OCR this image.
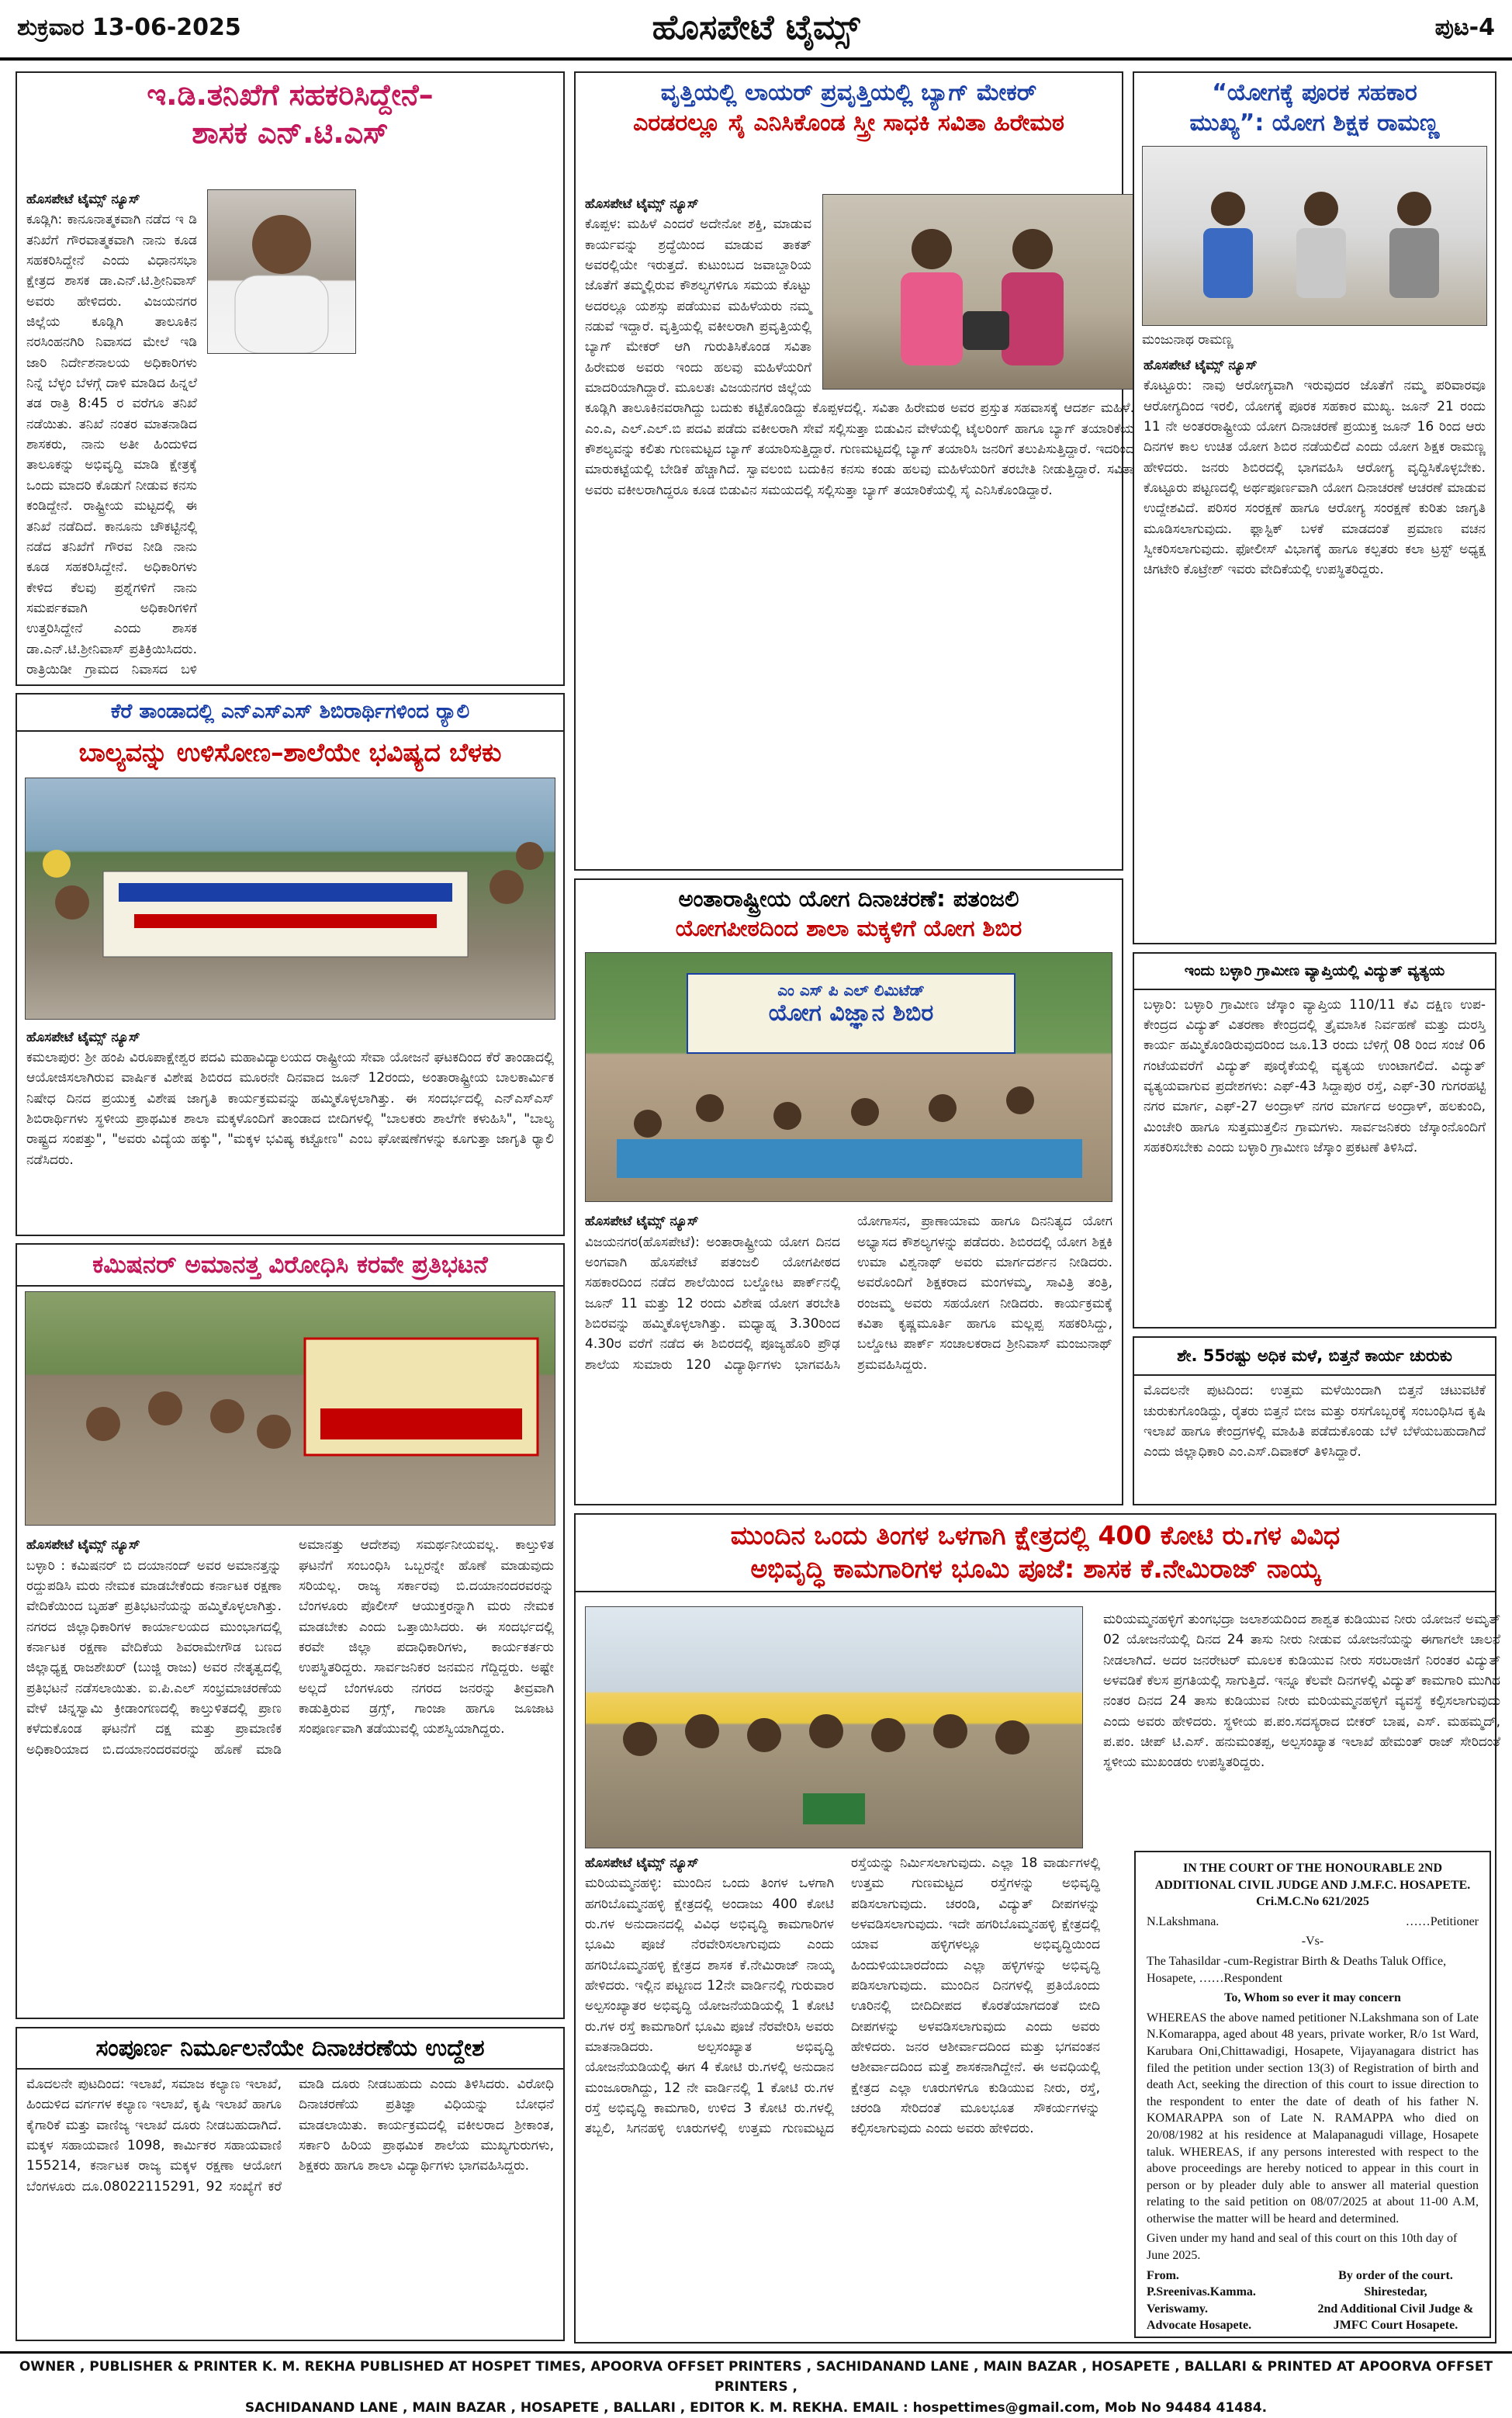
ಶುಕ್ರವಾರ 13-06-2025	ಹೊಸಪೇಟೆ ಟೈಮ್ಸ್	ಪುಟ-4
ಇ.ಡಿ.ತನಿಖೆಗೆ ಸಹಕರಿಸಿದ್ದೇನೆ–
ಶಾಸಕ ಎನ್.ಟಿ.ಎಸ್
ಹೊಸಪೇಟೆ ಟೈಮ್ಸ್ ನ್ಯೂಸ್
ಕೂಡ್ಲಿಗಿ: ಕಾನೂನಾತ್ಮಕವಾಗಿ ನಡೆದ ಇ ಡಿ ತನಿಖೆಗೆ ಗೌರವಾತ್ಮಕವಾಗಿ ನಾನು ಕೂಡ ಸಹಕರಿಸಿದ್ದೇನೆ ಎಂದು ವಿಧಾನಸಭಾ ಕ್ಷೇತ್ರದ ಶಾಸಕ ಡಾ.ಎನ್.ಟಿ.ಶ್ರೀನಿವಾಸ್ ಅವರು ಹೇಳಿದರು. ವಿಜಯನಗರ ಜಿಲ್ಲೆಯ ಕೂಡ್ಲಿಗಿ ತಾಲೂಕಿನ ನರಸಿಂಹನಗಿರಿ ನಿವಾಸದ ಮೇಲೆ ಇಡಿ ಜಾರಿ ನಿರ್ದೇಶನಾಲಯ ಅಧಿಕಾರಿಗಳು ನಿನ್ನೆ ಬೆಳ್ಳಂ ಬೆಳಗ್ಗೆ ದಾಳಿ ಮಾಡಿದ ಹಿನ್ನಲೆ ತಡ ರಾತ್ರಿ 8:45 ರ ವರೆಗೂ ತನಿಖೆ ನಡೆಯಿತು. ತನಿಖೆ ನಂತರ ಮಾತನಾಡಿದ ಶಾಸಕರು, ನಾನು ಅತೀ ಹಿಂದುಳಿದ ತಾಲೂಕನ್ನು ಅಭಿವೃದ್ಧಿ ಮಾಡಿ ಕ್ಷೇತ್ರಕ್ಕೆ ಒಂದು ಮಾದರಿ ಕೊಡುಗೆ ನೀಡುವ ಕನಸು ಕಂಡಿದ್ದೇನೆ. ರಾಷ್ಟ್ರೀಯ ಮಟ್ಟದಲ್ಲಿ ಈ ತನಿಖೆ ನಡೆದಿದೆ. ಕಾನೂನು ಚೌಕಟ್ಟಿನಲ್ಲಿ ನಡೆದ ತನಿಖೆಗೆ ಗೌರವ ನೀಡಿ ನಾನು ಕೂಡ ಸಹಕರಿಸಿದ್ದೇನೆ. ಅಧಿಕಾರಿಗಳು ಕೇಳಿದ ಕೆಲವು ಪ್ರಶ್ನೆಗಳಿಗೆ ನಾನು ಸಮರ್ಪಕವಾಗಿ ಅಧಿಕಾರಿಗಳಿಗೆ ಉತ್ತರಿಸಿದ್ದೇನೆ ಎಂದು ಶಾಸಕ ಡಾ.ಎನ್.ಟಿ.ಶ್ರೀನಿವಾಸ್ ಪ್ರತಿಕ್ರಿಯಿಸಿದರು. ರಾತ್ರಿಯಿಡೀ ಗ್ರಾಮದ ನಿವಾಸದ ಬಳಿ
ಕೆರೆ ತಾಂಡಾದಲ್ಲಿ ಎನ್‌ಎಸ್‌ಎಸ್ ಶಿಬಿರಾರ್ಥಿಗಳಿಂದ ರ್‍ಯಾಲಿ
ಬಾಲ್ಯವನ್ನು ಉಳಿಸೋಣ–ಶಾಲೆಯೇ ಭವಿಷ್ಯದ ಬೆಳಕು
ಹೊಸಪೇಟೆ ಟೈಮ್ಸ್ ನ್ಯೂಸ್
ಕಮಲಾಪುರ: ಶ್ರೀ ಹಂಪಿ ವಿರೂಪಾಕ್ಷೇಶ್ವರ ಪದವಿ ಮಹಾವಿದ್ಯಾಲಯದ ರಾಷ್ಟ್ರೀಯ ಸೇವಾ ಯೋಜನೆ ಘಟಕದಿಂದ ಕೆರೆ ತಾಂಡಾದಲ್ಲಿ ಆಯೋಜಿಸಲಾಗಿರುವ ವಾರ್ಷಿಕ ವಿಶೇಷ ಶಿಬಿರದ ಮೂರನೇ ದಿನವಾದ ಜೂನ್ 12ರಂದು, ಅಂತಾರಾಷ್ಟ್ರೀಯ ಬಾಲಕಾರ್ಮಿಕ ನಿಷೇಧ ದಿನದ ಪ್ರಯುಕ್ತ ವಿಶೇಷ ಜಾಗೃತಿ ಕಾರ್ಯಕ್ರಮವನ್ನು ಹಮ್ಮಿಕೊಳ್ಳಲಾಗಿತ್ತು. ಈ ಸಂದರ್ಭದಲ್ಲಿ ಎನ್‌ಎಸ್‌ಎಸ್ ಶಿಬಿರಾರ್ಥಿಗಳು ಸ್ಥಳೀಯ ಪ್ರಾಥಮಿಕ ಶಾಲಾ ಮಕ್ಕಳೊಂದಿಗೆ ತಾಂಡಾದ ಬೀದಿಗಳಲ್ಲಿ "ಬಾಲಕರು ಶಾಲೆಗೇ ಕಳುಹಿಸಿ", "ಬಾಲ್ಯ ರಾಷ್ಟ್ರದ ಸಂಪತ್ತು", "ಅವರು ವಿದ್ಯೆಯ ಹಕ್ಕು", "ಮಕ್ಕಳ ಭವಿಷ್ಯ ಕಟ್ಟೋಣ" ಎಂಬ ಘೋಷಣೆಗಳನ್ನು ಕೂಗುತ್ತಾ ಜಾಗೃತಿ ರ್‍ಯಾಲಿ ನಡೆಸಿದರು.
ಕಮಿಷನರ್ ಅಮಾನತ್ತ ವಿರೋಧಿಸಿ ಕರವೇ ಪ್ರತಿಭಟನೆ
ಹೊಸಪೇಟೆ ಟೈಮ್ಸ್ ನ್ಯೂಸ್
ಬಳ್ಳಾರಿ : ಕಮಿಷನರ್ ಬಿ ದಯಾನಂದ್ ಅವರ ಅಮಾನತ್ತನ್ನು ರದ್ದುಪಡಿಸಿ ಮರು ನೇಮಕ ಮಾಡಬೇಕೆಂದು ಕರ್ನಾಟಕ ರಕ್ಷಣಾ ವೇದಿಕೆಯಿಂದ ಬೃಹತ್ ಪ್ರತಿಭಟನೆಯನ್ನು ಹಮ್ಮಿಕೊಳ್ಳಲಾಗಿತ್ತು. ನಗರದ ಜಿಲ್ಲಾಧಿಕಾರಿಗಳ ಕಾರ್ಯಾಲಯದ ಮುಂಭಾಗದಲ್ಲಿ ಕರ್ನಾಟಕ ರಕ್ಷಣಾ ವೇದಿಕೆಯ ಶಿವರಾಮೇಗೌಡ ಬಣದ ಜಿಲ್ಲಾಧ್ಯಕ್ಷ ರಾಜಶೇಖರ್ (ಬುಜ್ಜಿ ರಾಜು) ಅವರ ನೇತೃತ್ವದಲ್ಲಿ ಪ್ರತಿಭಟನೆ ನಡೆಸಲಾಯಿತು. ಐ.ಪಿ.ಎಲ್ ಸಂಭ್ರಮಾಚರಣೆಯ ವೇಳೆ ಚಿನ್ನಸ್ವಾಮಿ ಕ್ರೀಡಾಂಗಣದಲ್ಲಿ ಕಾಲ್ತುಳಿತದಲ್ಲಿ ಪ್ರಾಣ ಕಳೆದುಕೊಂಡ ಘಟನೆಗೆ ದಕ್ಷ ಮತ್ತು ಪ್ರಾಮಾಣಿಕ ಅಧಿಕಾರಿಯಾದ ಬಿ.ದಯಾನಂದರವರನ್ನು ಹೊಣೆ ಮಾಡಿ ಅಮಾನತ್ತು ಆದೇಶವು ಸಮರ್ಥನೀಯವಲ್ಲ. ಕಾಲ್ತುಳಿತ ಘಟನೆಗೆ ಸಂಬಂಧಿಸಿ ಒಬ್ಬರನ್ನೇ ಹೊಣೆ ಮಾಡುವುದು ಸರಿಯಲ್ಲ. ರಾಜ್ಯ ಸರ್ಕಾರವು ಬಿ.ದಯಾನಂದರವರನ್ನು ಬೆಂಗಳೂರು ಪೊಲೀಸ್ ಆಯುಕ್ತರನ್ನಾಗಿ ಮರು ನೇಮಕ ಮಾಡಬೇಕು ಎಂದು ಒತ್ತಾಯಿಸಿದರು. ಈ ಸಂದರ್ಭದಲ್ಲಿ ಕರವೇ ಜಿಲ್ಲಾ ಪದಾಧಿಕಾರಿಗಳು, ಕಾರ್ಯಕರ್ತರು ಉಪಸ್ಥಿತರಿದ್ದರು. ಸಾರ್ವಜನಿಕರ ಜನಮನ ಗೆದ್ದಿದ್ದರು. ಅಷ್ಟೇ ಅಲ್ಲದೆ ಬೆಂಗಳೂರು ನಗರದ ಜನರನ್ನು ತೀವ್ರವಾಗಿ ಕಾಡುತ್ತಿರುವ ಡ್ರಗ್ಸ್, ಗಾಂಜಾ ಹಾಗೂ ಜೂಜಾಟ ಸಂಪೂರ್ಣವಾಗಿ ತಡೆಯುವಲ್ಲಿ ಯಶಸ್ವಿಯಾಗಿದ್ದರು.
ಸಂಪೂರ್ಣ ನಿರ್ಮೂಲನೆಯೇ ದಿನಾಚರಣೆಯ ಉದ್ದೇಶ
ಮೊದಲನೇ ಪುಟದಿಂದ: ಇಲಾಖೆ, ಸಮಾಜ ಕಲ್ಯಾಣ ಇಲಾಖೆ, ಹಿಂದುಳಿದ ವರ್ಗಗಳ ಕಲ್ಯಾಣ ಇಲಾಖೆ, ಕೃಷಿ ಇಲಾಖೆ ಹಾಗೂ ಕೈಗಾರಿಕೆ ಮತ್ತು ವಾಣಿಜ್ಯ ಇಲಾಖೆ ದೂರು ನೀಡಬಹುದಾಗಿದೆ. ಮಕ್ಕಳ ಸಹಾಯವಾಣಿ 1098, ಕಾರ್ಮಿಕರ ಸಹಾಯವಾಣಿ 155214, ಕರ್ನಾಟಕ ರಾಜ್ಯ ಮಕ್ಕಳ ರಕ್ಷಣಾ ಆಯೋಗ ಬೆಂಗಳೂರು ದೂ.08022115291, 92 ಸಂಖ್ಯೆಗೆ ಕರೆ ಮಾಡಿ ದೂರು ನೀಡಬಹುದು ಎಂದು ತಿಳಿಸಿದರು. ವಿರೋಧಿ ದಿನಾಚರಣೆಯ ಪ್ರತಿಜ್ಞಾ ವಿಧಿಯನ್ನು ಬೋಧನೆ ಮಾಡಲಾಯಿತು. ಕಾರ್ಯಕ್ರಮದಲ್ಲಿ ವಕೀಲರಾದ ಶ್ರೀಕಾಂತ, ಸರ್ಕಾರಿ ಹಿರಿಯ ಪ್ರಾಥಮಿಕ ಶಾಲೆಯ ಮುಖ್ಯಗುರುಗಳು, ಶಿಕ್ಷಕರು ಹಾಗೂ ಶಾಲಾ ವಿದ್ಯಾರ್ಥಿಗಳು ಭಾಗವಹಿಸಿದ್ದರು.
ವೃತ್ತಿಯಲ್ಲಿ ಲಾಯರ್ ಪ್ರವೃತ್ತಿಯಲ್ಲಿ ಬ್ಯಾಗ್ ಮೇಕರ್
ಎರಡರಲ್ಲೂ ಸೈ ಎನಿಸಿಕೊಂಡ ಸ್ತ್ರೀ ಸಾಧಕಿ ಸವಿತಾ ಹಿರೇಮಠ
ಹೊಸಪೇಟೆ ಟೈಮ್ಸ್ ನ್ಯೂಸ್
ಕೊಪ್ಪಳ: ಮಹಿಳೆ ಎಂದರೆ ಅದೇನೋ ಶಕ್ತಿ, ಮಾಡುವ ಕಾರ್ಯವನ್ನು ಶ್ರದ್ಧೆಯಿಂದ ಮಾಡುವ ತಾಕತ್ ಅವರಲ್ಲಿಯೇ ಇರುತ್ತದೆ. ಕುಟುಂಬದ ಜವಾಬ್ದಾರಿಯ ಜೊತೆಗೆ ತಮ್ಮಲ್ಲಿರುವ ಕೌಶಲ್ಯಗಳಿಗೂ ಸಮಯ ಕೊಟ್ಟು ಅದರಲ್ಲೂ ಯಶಸ್ಸು ಪಡೆಯುವ ಮಹಿಳೆಯರು ನಮ್ಮ ನಡುವೆ ಇದ್ದಾರೆ. ವೃತ್ತಿಯಲ್ಲಿ ವಕೀಲರಾಗಿ ಪ್ರವೃತ್ತಿಯಲ್ಲಿ ಬ್ಯಾಗ್ ಮೇಕರ್ ಆಗಿ ಗುರುತಿಸಿಕೊಂಡ ಸವಿತಾ ಹಿರೇಮಠ ಅವರು ಇಂದು ಹಲವು ಮಹಿಳೆಯರಿಗೆ ಮಾದರಿಯಾಗಿದ್ದಾರೆ. ಮೂಲತಃ ವಿಜಯನಗರ ಜಿಲ್ಲೆಯ ಕೂಡ್ಲಿಗಿ ತಾಲೂಕಿನವರಾಗಿದ್ದು ಬದುಕು ಕಟ್ಟಿಕೊಂಡಿದ್ದು ಕೊಪ್ಪಳದಲ್ಲಿ. ಸವಿತಾ ಹಿರೇಮಠ ಅವರ ಪ್ರಸ್ತುತ ಸಹವಾಸಕ್ಕೆ ಆದರ್ಶ ಮಹಿಳೆ. ಎಂ.ಎ, ಎಲ್.ಎಲ್.ಬಿ ಪದವಿ ಪಡೆದು ವಕೀಲರಾಗಿ ಸೇವೆ ಸಲ್ಲಿಸುತ್ತಾ ಬಿಡುವಿನ ವೇಳೆಯಲ್ಲಿ ಟೈಲರಿಂಗ್ ಹಾಗೂ ಬ್ಯಾಗ್ ತಯಾರಿಕೆಯ ಕೌಶಲ್ಯವನ್ನು ಕಲಿತು ಗುಣಮಟ್ಟದ ಬ್ಯಾಗ್ ತಯಾರಿಸುತ್ತಿದ್ದಾರೆ. ಗುಣಮಟ್ಟದಲ್ಲಿ ಬ್ಯಾಗ್ ತಯಾರಿಸಿ ಜನರಿಗೆ ತಲುಪಿಸುತ್ತಿದ್ದಾರೆ. ಇದರಿಂದ ಮಾರುಕಟ್ಟೆಯಲ್ಲಿ ಬೇಡಿಕೆ ಹೆಚ್ಚಾಗಿದೆ. ಸ್ವಾವಲಂಬಿ ಬದುಕಿನ ಕನಸು ಕಂಡು ಹಲವು ಮಹಿಳೆಯರಿಗೆ ತರಬೇತಿ ನೀಡುತ್ತಿದ್ದಾರೆ. ಸವಿತಾ ಅವರು ವಕೀಲರಾಗಿದ್ದರೂ ಕೂಡ ಬಿಡುವಿನ ಸಮಯದಲ್ಲಿ ಸಲ್ಲಿಸುತ್ತಾ ಬ್ಯಾಗ್ ತಯಾರಿಕೆಯಲ್ಲಿ ಸೈ ಎನಿಸಿಕೊಂಡಿದ್ದಾರೆ.
ಅಂತಾರಾಷ್ಟ್ರೀಯ ಯೋಗ ದಿನಾಚರಣೆ: ಪತಂಜಲಿ
ಯೋಗಪೀಠದಿಂದ ಶಾಲಾ ಮಕ್ಕಳಿಗೆ ಯೋಗ ಶಿಬಿರ
ಎಂ ಎಸ್ ಪಿ ಎಲ್ ಲಿಮಿಟೆಡ್
ಯೋಗ ವಿಜ್ಞಾನ ಶಿಬಿರ
ಹೊಸಪೇಟೆ ಟೈಮ್ಸ್ ನ್ಯೂಸ್
ವಿಜಯನಗರ(ಹೊಸಪೇಟೆ): ಅಂತಾರಾಷ್ಟ್ರೀಯ ಯೋಗ ದಿನದ ಅಂಗವಾಗಿ ಹೊಸಪೇಟೆ ಪತಂಜಲಿ ಯೋಗಪೀಠದ ಸಹಕಾರದಿಂದ ನಡೆದ ಶಾಲೆಯಿಂದ ಬಲ್ಡೋಟ ಪಾರ್ಕ್‌ನಲ್ಲಿ ಜೂನ್ 11 ಮತ್ತು 12 ರಂದು ವಿಶೇಷ ಯೋಗ ತರಬೇತಿ ಶಿಬಿರವನ್ನು ಹಮ್ಮಿಕೊಳ್ಳಲಾಗಿತ್ತು. ಮಧ್ಯಾಹ್ನ 3.30ರಿಂದ 4.30ರ ವರೆಗೆ ನಡೆದ ಈ ಶಿಬಿರದಲ್ಲಿ ಪೂಜ್ಯಹೊರಿ ಪ್ರೌಢ ಶಾಲೆಯ ಸುಮಾರು 120 ವಿದ್ಯಾರ್ಥಿಗಳು ಭಾಗವಹಿಸಿ ಯೋಗಾಸನ, ಪ್ರಾಣಾಯಾಮ ಹಾಗೂ ದಿನನಿತ್ಯದ ಯೋಗ ಅಭ್ಯಾಸದ ಕೌಶಲ್ಯಗಳನ್ನು ಪಡೆದರು. ಶಿಬಿರದಲ್ಲಿ ಯೋಗ ಶಿಕ್ಷಕಿ ಉಮಾ ವಿಶ್ವನಾಥ್ ಅವರು ಮಾರ್ಗದರ್ಶನ ನೀಡಿದರು. ಅವರೊಂದಿಗೆ ಶಿಕ್ಷಕರಾದ ಮಂಗಳಮ್ಮ, ಸಾವಿತ್ರಿ ತಂತ್ರಿ, ರಂಜಮ್ಮ ಅವರು ಸಹಯೋಗ ನೀಡಿದರು. ಕಾರ್ಯಕ್ರಮಕ್ಕೆ ಕವಿತಾ ಕೃಷ್ಣಮೂರ್ತಿ ಹಾಗೂ ಮಲ್ಲಪ್ಪ ಸಹಕರಿಸಿದ್ದು, ಬಲ್ಡೋಟ ಪಾರ್ಕ್ ಸಂಚಾಲಕರಾದ ಶ್ರೀನಿವಾಸ್ ಮಂಜುನಾಥ್ ಶ್ರಮವಹಿಸಿದ್ದರು.
ಮುಂದಿನ ಒಂದು ತಿಂಗಳ ಒಳಗಾಗಿ ಕ್ಷೇತ್ರದಲ್ಲಿ 400 ಕೋಟಿ ರು.ಗಳ ವಿವಿಧ
ಅಭಿವೃದ್ಧಿ ಕಾಮಗಾರಿಗಳ ಭೂಮಿ ಪೂಜೆ: ಶಾಸಕ ಕೆ.ನೇಮಿರಾಜ್ ನಾಯ್ಕ
ಹೊಸಪೇಟೆ ಟೈಮ್ಸ್ ನ್ಯೂಸ್
ಮರಿಯಮ್ಮನಹಳ್ಳಿ: ಮುಂದಿನ ಒಂದು ತಿಂಗಳ ಒಳಗಾಗಿ ಹಗರಿಬೊಮ್ಮನಹಳ್ಳಿ ಕ್ಷೇತ್ರದಲ್ಲಿ ಅಂದಾಜು 400 ಕೋಟಿ ರು.ಗಳ ಅನುದಾನದಲ್ಲಿ ವಿವಿಧ ಅಭಿವೃದ್ಧಿ ಕಾಮಗಾರಿಗಳ ಭೂಮಿ ಪೂಜೆ ನೆರವೇರಿಸಲಾಗುವುದು ಎಂದು ಹಗರಿಬೊಮ್ಮನಹಳ್ಳಿ ಕ್ಷೇತ್ರದ ಶಾಸಕ ಕೆ.ನೇಮಿರಾಜ್ ನಾಯ್ಕ ಹೇಳಿದರು. ಇಲ್ಲಿನ ಪಟ್ಟಣದ 12ನೇ ವಾರ್ಡಿನಲ್ಲಿ ಗುರುವಾರ ಅಲ್ಪಸಂಖ್ಯಾತರ ಅಭಿವೃದ್ಧಿ ಯೋಜನೆಯಡಿಯಲ್ಲಿ 1 ಕೋಟಿ ರು.ಗಳ ರಸ್ತೆ ಕಾಮಗಾರಿಗೆ ಭೂಮಿ ಪೂಜೆ ನೆರವೇರಿಸಿ ಅವರು ಮಾತನಾಡಿದರು. ಅಲ್ಪಸಂಖ್ಯಾತ ಅಭಿವೃದ್ಧಿ ಯೋಜನೆಯಡಿಯಲ್ಲಿ ಈಗ 4 ಕೋಟಿ ರು.ಗಳಲ್ಲಿ ಅನುದಾನ ಮಂಜೂರಾಗಿದ್ದು, 12 ನೇ ವಾರ್ಡಿನಲ್ಲಿ 1 ಕೋಟಿ ರು.ಗಳ ರಸ್ತೆ ಅಭಿವೃದ್ಧಿ ಕಾಮಗಾರಿ, ಉಳಿದ 3 ಕೋಟಿ ರು.ಗಳಲ್ಲಿ ತಬ್ಬಲಿ, ಸಿಗನಹಳ್ಳಿ ಊರುಗಳಲ್ಲಿ ಉತ್ತಮ ಗುಣಮಟ್ಟದ ರಸ್ತೆಯನ್ನು ನಿರ್ಮಿಸಲಾಗುವುದು. ಎಲ್ಲಾ 18 ವಾರ್ಡುಗಳಲ್ಲಿ ಉತ್ತಮ ಗುಣಮಟ್ಟದ ರಸ್ತೆಗಳನ್ನು ಅಭಿವೃದ್ಧಿ ಪಡಿಸಲಾಗುವುದು. ಚರಂಡಿ, ವಿದ್ಯುತ್ ದೀಪಗಳನ್ನು ಅಳವಡಿಸಲಾಗುವುದು. ಇದೇ ಹಗರಿಬೊಮ್ಮನಹಳ್ಳಿ ಕ್ಷೇತ್ರದಲ್ಲಿ ಯಾವ ಹಳ್ಳಿಗಳಲ್ಲೂ ಅಭಿವೃದ್ಧಿಯಿಂದ ಹಿಂದುಳಿಯಬಾರದೆಂದು ಎಲ್ಲಾ ಹಳ್ಳಿಗಳನ್ನು ಅಭಿವೃದ್ಧಿ ಪಡಿಸಲಾಗುವುದು. ಮುಂದಿನ ದಿನಗಳಲ್ಲಿ ಪ್ರತಿಯೊಂದು ಊರಿನಲ್ಲಿ ಬೀದಿದೀಪದ ಕೊರತೆಯಾಗದಂತೆ ಬೀದಿ ದೀಪಗಳನ್ನು ಅಳವಡಿಸಲಾಗುವುದು ಎಂದು ಅವರು ಹೇಳಿದರು. ಜನರ ಆಶೀರ್ವಾದದಿಂದ ಮತ್ತು ಭಗವಂತನ ಆಶೀರ್ವಾದದಿಂದ ಮತ್ತೆ ಶಾಸಕನಾಗಿದ್ದೇನೆ. ಈ ಅವಧಿಯಲ್ಲಿ ಕ್ಷೇತ್ರದ ಎಲ್ಲಾ ಊರುಗಳಿಗೂ ಕುಡಿಯುವ ನೀರು, ರಸ್ತೆ, ಚರಂಡಿ ಸೇರಿದಂತೆ ಮೂಲಭೂತ ಸೌಕರ್ಯಗಳನ್ನು ಕಲ್ಪಿಸಲಾಗುವುದು ಎಂದು ಅವರು ಹೇಳಿದರು.
ಮರಿಯಮ್ಮನಹಳ್ಳಿಗೆ ತುಂಗಭದ್ರಾ ಜಲಾಶಯದಿಂದ ಶಾಶ್ವತ ಕುಡಿಯುವ ನೀರು ಯೋಜನೆ ಅಮೃತ್ 02 ಯೋಜನೆಯಲ್ಲಿ ದಿನದ 24 ತಾಸು ನೀರು ನೀಡುವ ಯೋಜನೆಯನ್ನು ಈಗಾಗಲೇ ಚಾಲನೆ ನೀಡಲಾಗಿದೆ. ಅದರ ಜನರೇಟರ್ ಮೂಲಕ ಕುಡಿಯುವ ನೀರು ಸರಬರಾಜಿಗೆ ನಿರಂತರ ವಿದ್ಯುತ್ ಅಳವಡಿಕೆ ಕೆಲಸ ಪ್ರಗತಿಯಲ್ಲಿ ಸಾಗುತ್ತಿದೆ. ಇನ್ನೂ ಕೆಲವೇ ದಿನಗಳಲ್ಲಿ ವಿದ್ಯುತ್ ಕಾಮಗಾರಿ ಮುಗಿದ ನಂತರ ದಿನದ 24 ತಾಸು ಕುಡಿಯುವ ನೀರು ಮರಿಯಮ್ಮನಹಳ್ಳಿಗೆ ವ್ಯವಸ್ಥೆ ಕಲ್ಪಿಸಲಾಗುವುದು ಎಂದು ಅವರು ಹೇಳಿದರು. ಸ್ಥಳೀಯ ಪ.ಪಂ.ಸದಸ್ಯರಾದ ಬೀಕರ್ ಬಾಷ, ಎಸ್. ಮಹಮ್ಮದ್, ಪ.ಪಂ. ಚೀಪ್ ಟಿ.ಎಸ್. ಹನುಮಂತಪ್ಪ, ಅಲ್ಪಸಂಖ್ಯಾತ ಇಲಾಖೆ ಹೇಮಂತ್ ರಾಜ್ ಸೇರಿದಂತೆ ಸ್ಥಳೀಯ ಮುಖಂಡರು ಉಪಸ್ಥಿತರಿದ್ದರು.
“ಯೋಗಕ್ಕೆ ಪೂರಕ ಸಹಕಾರ
ಮುಖ್ಯ”: ಯೋಗ ಶಿಕ್ಷಕ ರಾಮಣ್ಣ
ಮಂಜುನಾಥ ರಾಮಣ್ಣ
ಹೊಸಪೇಟೆ ಟೈಮ್ಸ್ ನ್ಯೂಸ್
ಕೊಟ್ಟೂರು: ನಾವು ಆರೋಗ್ಯವಾಗಿ ಇರುವುದರ ಜೊತೆಗೆ ನಮ್ಮ ಪರಿವಾರವೂ ಆರೋಗ್ಯದಿಂದ ಇರಲಿ, ಯೋಗಕ್ಕೆ ಪೂರಕ ಸಹಕಾರ ಮುಖ್ಯ. ಜೂನ್ 21 ರಂದು 11 ನೇ ಅಂತರರಾಷ್ಟ್ರೀಯ ಯೋಗ ದಿನಾಚರಣೆ ಪ್ರಯುಕ್ತ ಜೂನ್ 16 ರಿಂದ ಆರು ದಿನಗಳ ಕಾಲ ಉಚಿತ ಯೋಗ ಶಿಬಿರ ನಡೆಯಲಿದೆ ಎಂದು ಯೋಗ ಶಿಕ್ಷಕ ರಾಮಣ್ಣ ಹೇಳಿದರು. ಜನರು ಶಿಬಿರದಲ್ಲಿ ಭಾಗವಹಿಸಿ ಆರೋಗ್ಯ ವೃದ್ಧಿಸಿಕೊಳ್ಳಬೇಕು. ಕೊಟ್ಟೂರು ಪಟ್ಟಣದಲ್ಲಿ ಅರ್ಥಪೂರ್ಣವಾಗಿ ಯೋಗ ದಿನಾಚರಣೆ ಆಚರಣೆ ಮಾಡುವ ಉದ್ದೇಶವಿದೆ. ಪರಿಸರ ಸಂರಕ್ಷಣೆ ಹಾಗೂ ಆರೋಗ್ಯ ಸಂರಕ್ಷಣೆ ಕುರಿತು ಜಾಗೃತಿ ಮೂಡಿಸಲಾಗುವುದು. ಫ್ಲಾಸ್ಟಿಕ್ ಬಳಕೆ ಮಾಡದಂತೆ ಪ್ರಮಾಣ ವಚನ ಸ್ವೀಕರಿಸಲಾಗುವುದು. ಫೋಲೀಸ್ ವಿಭಾಗಕ್ಕೆ ಹಾಗೂ ಕಲ್ಪತರು ಕಲಾ ಟ್ರಸ್ಟ್ ಅಧ್ಯಕ್ಷ ಚಿಗಟೇರಿ ಕೊಟ್ರೇಶ್ ಇವರು ವೇದಿಕೆಯಲ್ಲಿ ಉಪಸ್ಥಿತರಿದ್ದರು.
ಇಂದು ಬಳ್ಳಾರಿ ಗ್ರಾಮೀಣ ವ್ಯಾಪ್ತಿಯಲ್ಲಿ ವಿದ್ಯುತ್ ವ್ಯತ್ಯಯ
ಬಳ್ಳಾರಿ: ಬಳ್ಳಾರಿ ಗ್ರಾಮೀಣ ಜೆಸ್ಕಾಂ ವ್ಯಾಪ್ತಿಯ 110/11 ಕೆವಿ ದಕ್ಷಿಣ ಉಪ-ಕೇಂದ್ರದ ವಿದ್ಯುತ್ ವಿತರಣಾ ಕೇಂದ್ರದಲ್ಲಿ ತ್ರೈಮಾಸಿಕ ನಿರ್ವಹಣೆ ಮತ್ತು ದುರಸ್ತಿ ಕಾರ್ಯ ಹಮ್ಮಿಕೊಂಡಿರುವುದರಿಂದ ಜೂ.13 ರಂದು ಬೆಳಿಗ್ಗೆ 08 ರಿಂದ ಸಂಜೆ 06 ಗಂಟೆಯವರೆಗೆ ವಿದ್ಯುತ್ ಪೂರೈಕೆಯಲ್ಲಿ ವ್ಯತ್ಯಯ ಉಂಟಾಗಲಿದೆ. ವಿದ್ಯುತ್ ವ್ಯತ್ಯಯವಾಗುವ ಪ್ರದೇಶಗಳು: ಎಫ್-43 ಸಿದ್ದಾಪುರ ರಸ್ತೆ, ಎಫ್-30 ಗುಗರಹಟ್ಟಿ ನಗರ ಮಾರ್ಗ, ಎಫ್-27 ಅಂದ್ರಾಳ್ ನಗರ ಮಾರ್ಗದ ಅಂದ್ರಾಳ್, ಹಲಕುಂದಿ, ಮಿಂಚೇರಿ ಹಾಗೂ ಸುತ್ತಮುತ್ತಲಿನ ಗ್ರಾಮಗಳು. ಸಾರ್ವಜನಿಕರು ಜೆಸ್ಕಾಂನೊಂದಿಗೆ ಸಹಕರಿಸಬೇಕು ಎಂದು ಬಳ್ಳಾರಿ ಗ್ರಾಮೀಣ ಜೆಸ್ಕಾಂ ಪ್ರಕಟಣೆ ತಿಳಿಸಿದೆ.
ಶೇ. 55ರಷ್ಟು ಅಧಿಕ ಮಳೆ, ಬಿತ್ತನೆ ಕಾರ್ಯ ಚುರುಕು
ಮೊದಲನೇ ಪುಟದಿಂದ: ಉತ್ತಮ ಮಳೆಯಿಂದಾಗಿ ಬಿತ್ತನೆ ಚಟುವಟಿಕೆ ಚುರುಕುಗೊಂಡಿದ್ದು, ರೈತರು ಬಿತ್ತನೆ ಬೀಜ ಮತ್ತು ರಸಗೊಬ್ಬರಕ್ಕೆ ಸಂಬಂಧಿಸಿದ ಕೃಷಿ ಇಲಾಖೆ ಹಾಗೂ ಕೇಂದ್ರಗಳಲ್ಲಿ ಮಾಹಿತಿ ಪಡೆದುಕೊಂಡು ಬೆಳೆ ಬೆಳೆಯಬಹುದಾಗಿದೆ ಎಂದು ಜಿಲ್ಲಾಧಿಕಾರಿ ಎಂ.ಎಸ್.ದಿವಾಕರ್ ತಿಳಿಸಿದ್ದಾರೆ.
IN THE COURT OF THE HONOURABLE 2ND ADDITIONAL CIVIL JUDGE AND J.M.F.C. HOSAPETE.
Cri.M.C.No 621/2025

N.Lakshmana.	……Petitioner

-Vs-

The Tahasildar -cum-Registrar Birth & Deaths Taluk Office, Hosapete, ……Respondent

To, Whom so ever it may concern

WHEREAS the above named petitioner N.Lakshmana son of Late N.Komarappa, aged about 48 years, private worker, R/o 1st Ward, Karubara Oni,Chittawadigi, Hosapete, Vijayanagara district has filed the petition under section 13(3) of Registration of birth and death Act, seeking the direction of this court to issue direction to the respondent to enter the date of death of his father N. KOMARAPPA son of Late N. RAMAPPA who died on 20/08/1982 at his residence at Malapanagudi village, Hosapete taluk. WHEREAS, if any persons interested with respect to the above proceedings are hereby noticed to appear in this court in person or by pleader duly able to answer all material question relating to the said petition on 08/07/2025 at about 11-00 A.M, otherwise the matter will be heard and determined.

Given under my hand and seal of this court on this 10th day of June 2025.

From.
P.Sreenivas.Kamma.
Veriswamy.
Advocate Hosapete.
By order of the court.
Shirestedar,
2nd Additional Civil Judge & JMFC Court Hosapete.
OWNER , PUBLISHER & PRINTER K. M. REKHA PUBLISHED AT HOSPET TIMES, APOORVA OFFSET PRINTERS , SACHIDANAND LANE , MAIN BAZAR , HOSAPETE , BALLARI & PRINTED AT APOORVA OFFSET PRINTERS ,
SACHIDANAND LANE , MAIN BAZAR , HOSAPETE , BALLARI , EDITOR K. M. REKHA. EMAIL : hospettimes@gmail.com, Mob No 94484 41484.
